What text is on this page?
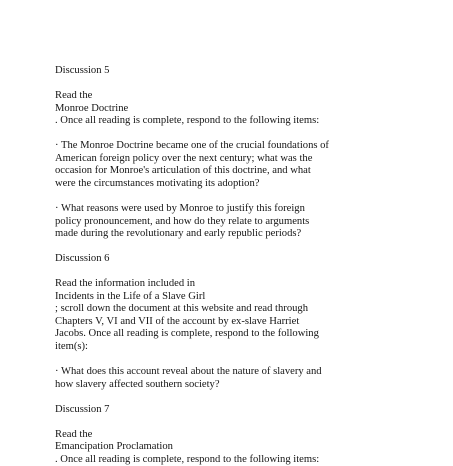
Discussion 5
Read the
Monroe Doctrine
. Once all reading is complete, respond to the following items:
· The Monroe Doctrine became one of the crucial foundations of
American foreign policy over the next century; what was the
occasion for Monroe's articulation of this doctrine, and what
were the circumstances motivating its adoption?
· What reasons were used by Monroe to justify this foreign
policy pronouncement, and how do they relate to arguments
made during the revolutionary and early republic periods?
Discussion 6
Read the information included in
Incidents in the Life of a Slave Girl
; scroll down the document at this website and read through
Chapters V, VI and VII of the account by ex-slave Harriet
Jacobs. Once all reading is complete, respond to the following
item(s):
· What does this account reveal about the nature of slavery and
how slavery affected southern society?
Discussion 7
Read the
Emancipation Proclamation
. Once all reading is complete, respond to the following items:
